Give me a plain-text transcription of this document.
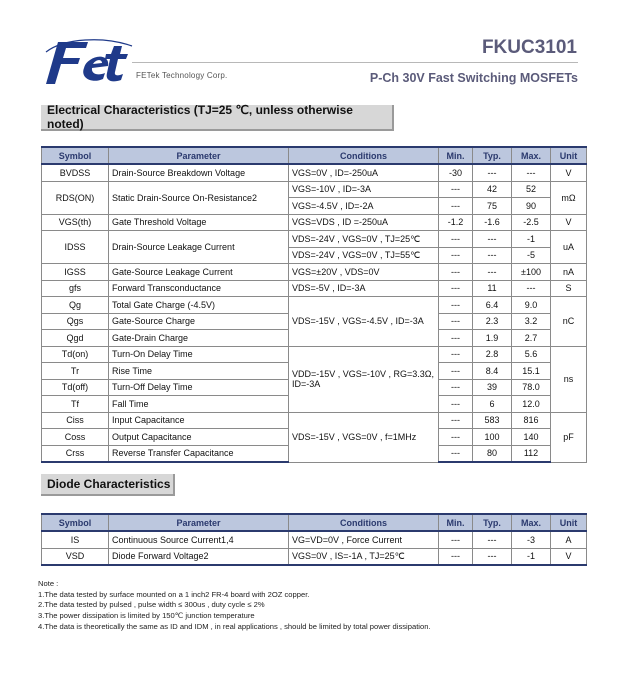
FETek Technology Corp.
FKUC3101
P-Ch 30V Fast Switching MOSFETs
Electrical Characteristics (TJ=25 ℃, unless otherwise noted)
Symbol	Parameter	Conditions	Min.	Typ.	Max.	Unit
BVDSS	Drain-Source Breakdown Voltage	VGS=0V , ID=-250uA	-30	---	---	V
RDS(ON)	Static Drain-Source On-Resistance2	VGS=-10V , ID=-3A	---	42	52	mΩ
		VGS=-4.5V , ID=-2A	---	75	90	
VGS(th)	Gate Threshold Voltage	VGS=VDS , ID =-250uA	-1.2	-1.6	-2.5	V
IDSS	Drain-Source Leakage Current	VDS=-24V , VGS=0V , TJ=25℃	---	---	-1	uA
		VDS=-24V , VGS=0V , TJ=55℃	---	---	-5	
IGSS	Gate-Source Leakage Current	VGS=±20V , VDS=0V	---	---	±100	nA
gfs	Forward Transconductance	VDS=-5V , ID=-3A	---	11	---	S
Qg	Total Gate Charge (-4.5V)	VDS=-15V , VGS=-4.5V , ID=-3A	---	6.4	9.0	nC
Qgs	Gate-Source Charge		---	2.3	3.2	
Qgd	Gate-Drain Charge		---	1.9	2.7	
Td(on)	Turn-On Delay Time	VDD=-15V , VGS=-10V , RG=3.3Ω, ID=-3A	---	2.8	5.6	ns
Tr	Rise Time		---	8.4	15.1	
Td(off)	Turn-Off Delay Time		---	39	78.0	
Tf	Fall Time		---	6	12.0	
Ciss	Input Capacitance	VDS=-15V , VGS=0V , f=1MHz	---	583	816	pF
Coss	Output Capacitance		---	100	140	
Crss	Reverse Transfer Capacitance		---	80	112	
Diode Characteristics
Symbol	Parameter	Conditions	Min.	Typ.	Max.	Unit
IS	Continuous Source Current1,4	VG=VD=0V , Force Current	---	---	-3	A
VSD	Diode Forward Voltage2	VGS=0V , IS=-1A , TJ=25℃	---	---	-1	V
Note :
1.The data tested by surface mounted on a 1 inch2 FR-4 board with 2OZ copper.
2.The data tested by pulsed , pulse width ≤ 300us , duty cycle ≤ 2%
3.The power dissipation is limited by 150℃ junction temperature
4.The data is theoretically the same as ID and IDM , in real applications , should be limited by total power dissipation.
